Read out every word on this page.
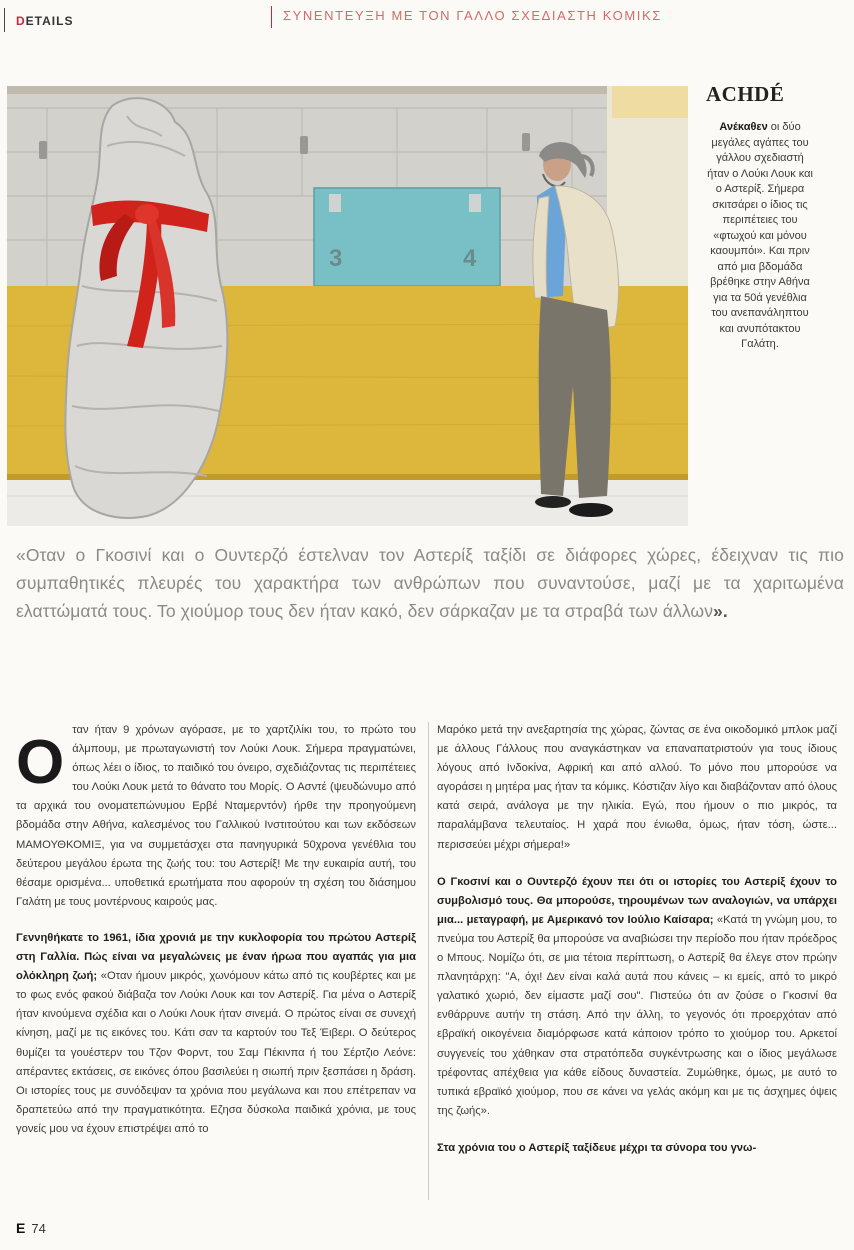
DETAILS	ΣΥΝΕΝΤΕΥΞΗ ΜΕ ΤΟΝ ΓΑΛΛΟ ΣΧΕΔΙΑΣΤΗ ΚΟΜΙΚΣ
3	4
ACHDÉ
Ανέκαθεν οι δύο μεγάλες αγάπες του γάλλου σχεδιαστή ήταν ο Λούκι Λουκ και ο Αστερίξ. Σήμερα σκιτσάρει ο ίδιος τις περιπέτειες του «φτωχού και μόνου καουμπόι». Και πριν από μια βδομάδα βρέθηκε στην Αθήνα για τα 50ά γενέθλια του ανεπανάληπτου και ανυπότακτου Γαλάτη.
«Οταν ο Γκοσινί και ο Ουντερζό έστελναν τον Αστερίξ ταξίδι σε διάφορες χώρες, έδειχναν τις πιο συμπαθητικές πλευρές του χαρακτήρα των ανθρώπων που συναντούσε, μαζί με τα χαριτωμένα ελαττώματά τους. Το χιούμορ τους δεν ήταν κακό, δεν σάρκαζαν με τα στραβά των άλλων».

Oταν ήταν 9 χρόνων αγόρασε, με το χαρτζιλίκι του, το πρώτο του άλμπουμ, με πρωταγωνιστή τον Λούκι Λουκ. Σήμερα πραγματώνει, όπως λέει ο ίδιος, το παιδικό του όνειρο, σχεδιάζοντας τις περιπέτειες του Λούκι Λουκ μετά το θάνατο του Μορίς. Ο Ασντέ (ψευδώνυμο από τα αρχικά του ονοματεπώνυμου Ερβέ Νταμερντόν) ήρθε την προηγούμενη βδομάδα στην Αθήνα, καλεσμένος του Γαλλικού Ινστιτούτου και των εκδόσεων ΜΑΜΟΥΘΚΟΜΙΞ, για να συμμετάσχει στα πανηγυρικά 50χρονα γενέθλια του δεύτερου μεγάλου έρωτα της ζωής του: του Αστερίξ! Με την ευκαιρία αυτή, του θέσαμε ορισμένα... υποθετικά ερωτήματα που αφορούν τη σχέση του διάσημου Γαλάτη με τους μοντέρνους καιρούς μας.

Γεννηθήκατε το 1961, ίδια χρονιά με την κυκλοφορία του πρώτου Αστερίξ στη Γαλλία. Πώς είναι να μεγαλώνεις με έναν ήρωα που αγαπάς για μια ολόκληρη ζωή; «Οταν ήμουν μικρός, χωνόμουν κάτω από τις κουβέρτες και με το φως ενός φακού διάβαζα τον Λούκι Λουκ και τον Αστερίξ. Για μένα ο Αστερίξ ήταν κινούμενα σχέδια και ο Λούκι Λουκ ήταν σινεμά. Ο πρώτος είναι σε συνεχή κίνηση, μαζί με τις εικόνες του. Κάτι σαν τα καρτούν του Τεξ Έιβερι. Ο δεύτερος θυμίζει τα γουέστερν του Τζον Φορντ, του Σαμ Πέκινπα ή του Σέρτζιο Λεόνε: απέραντες εκτάσεις, σε εικόνες όπου βασιλεύει η σιωπή πριν ξεσπάσει η δράση. Οι ιστορίες τους με συνόδεψαν τα χρόνια που μεγάλωνα και που επέτρεπαν να δραπετεύω από την πραγματικότητα. Εζησα δύσκολα παιδικά χρόνια, με τους γονείς μου να έχουν επιστρέψει από το

Μαρόκο μετά την ανεξαρτησία της χώρας, ζώντας σε ένα οικοδομικό μπλοκ μαζί με άλλους Γάλλους που αναγκάστηκαν να επαναπατριστούν για τους ίδιους λόγους από Ινδοκίνα, Αφρική και από αλλού. Το μόνο που μπορούσε να αγοράσει η μητέρα μας ήταν τα κόμικς. Κόστιζαν λίγο και διαβάζονταν από όλους κατά σειρά, ανάλογα με την ηλικία. Εγώ, που ήμουν ο πιο μικρός, τα παραλάμβανα τελευταίος. Η χαρά που ένιωθα, όμως, ήταν τόση, ώστε... περισσεύει μέχρι σήμερα!»

Ο Γκοσινί και ο Ουντερζό έχουν πει ότι οι ιστορίες του Αστερίξ έχουν το συμβολισμό τους. Θα μπορούσε, τηρουμένων των αναλογιών, να υπάρχει μια... μεταγραφή, με Αμερικανό τον Ιούλιο Καίσαρα; «Κατά τη γνώμη μου, το πνεύμα του Αστερίξ θα μπορούσε να αναβιώσει την περίοδο που ήταν πρόεδρος ο Μπους. Νομίζω ότι, σε μια τέτοια περίπτωση, ο Αστερίξ θα έλεγε στον πρώην πλανητάρχη: "Α, όχι! Δεν είναι καλά αυτά που κάνεις – κι εμείς, από το μικρό γαλατικό χωριό, δεν είμαστε μαζί σου". Πιστεύω ότι αν ζούσε ο Γκοσινί θα ενθάρρυνε αυτήν τη στάση. Από την άλλη, το γεγονός ότι προερχόταν από εβραϊκή οικογένεια διαμόρφωσε κατά κάποιον τρόπο το χιούμορ του. Αρκετοί συγγενείς του χάθηκαν στα στρατόπεδα συγκέντρωσης και ο ίδιος μεγάλωσε τρέφοντας απέχθεια για κάθε είδους δυναστεία. Ζυμώθηκε, όμως, με αυτό το τυπικά εβραϊκό χιούμορ, που σε κάνει να γελάς ακόμη και με τις άσχημες όψεις της ζωής».

Στα χρόνια του ο Αστερίξ ταξίδευε μέχρι τα σύνορα του γνω-

E 74
